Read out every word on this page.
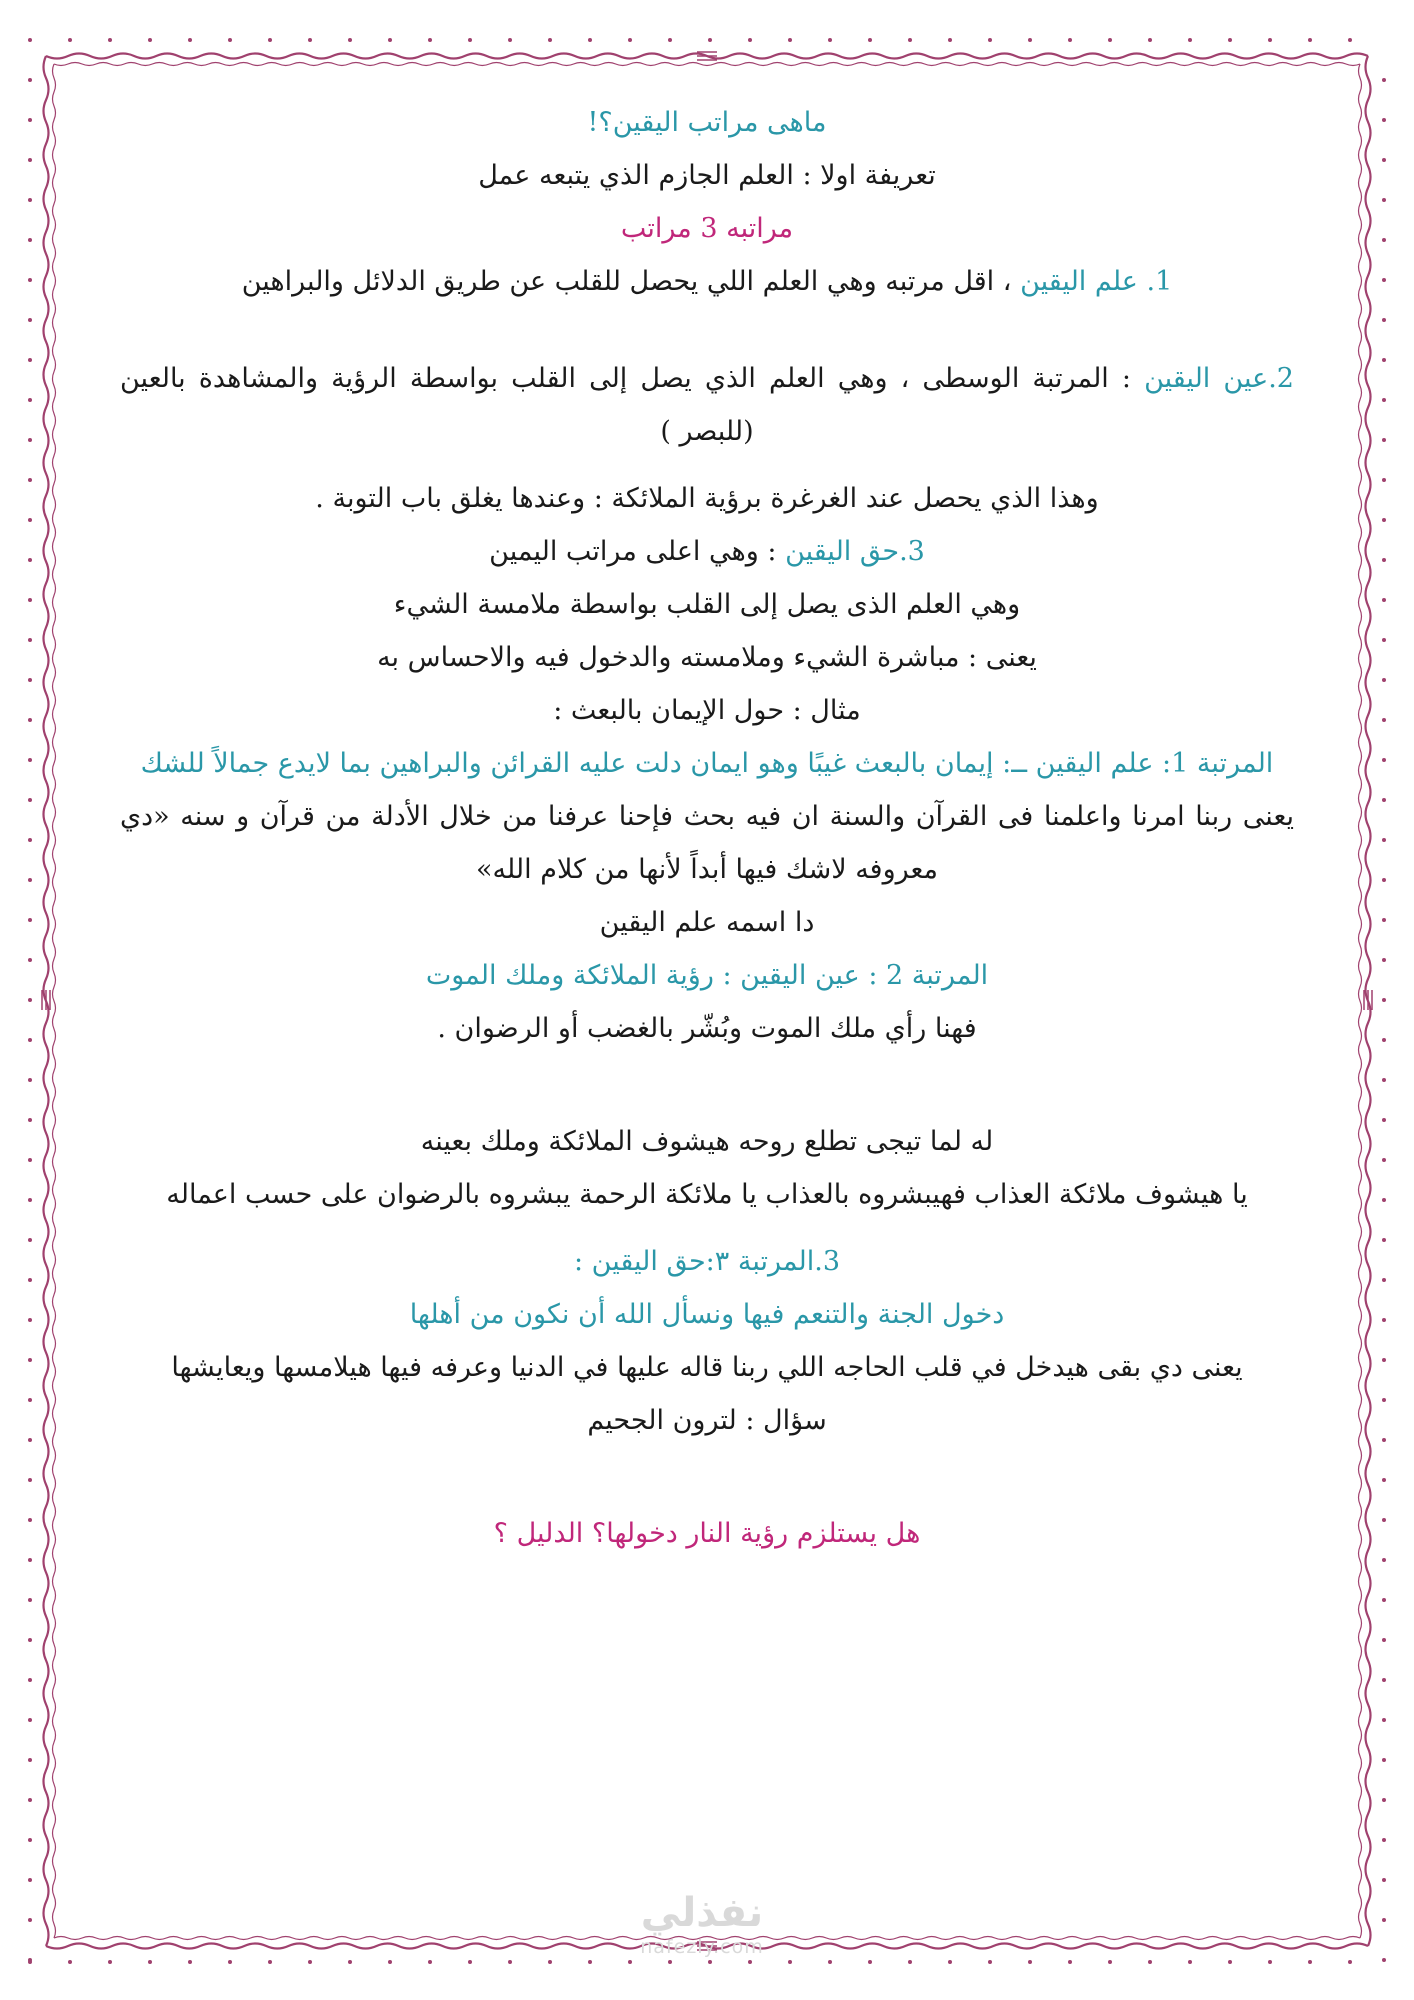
ماهى مراتب اليقين؟!

تعريفة اولا : العلم الجازم الذي يتبعه عمل

مراتبه 3 مراتب

1. علم اليقين ، اقل مرتبه وهي العلم اللي يحصل للقلب عن طريق الدلائل والبراهين

2.عين اليقين : المرتبة الوسطى ، وهي العلم الذي يصل إلى القلب بواسطة الرؤية والمشاهدة بالعين (للبصر )

وهذا الذي يحصل عند الغرغرة برؤية الملائكة : وعندها يغلق باب التوبة .

3.حق اليقين : وهي اعلى مراتب اليمين

وهي العلم الذى يصل إلى القلب بواسطة ملامسة الشيء

يعنى : مباشرة الشيء وملامسته والدخول فيه والاحساس به

مثال : حول الإيمان بالبعث :

المرتبة 1: علم اليقين ــ: إيمان بالبعث غيبًا وهو ايمان دلت عليه القرائن والبراهين بما لايدع جمالاً للشك

يعنى ربنا امرنا واعلمنا فى القرآن والسنة ان فيه بحث فإحنا عرفنا من خلال الأدلة من قرآن و سنه «دي معروفه لاشك فيها أبداً لأنها من كلام الله»

دا اسمه علم اليقين

المرتبة 2 : عين اليقين : رؤية الملائكة وملك الموت

فهنا رأي ملك الموت وبُشّر بالغضب أو الرضوان .

له لما تيجى تطلع روحه هيشوف الملائكة وملك بعينه

يا هيشوف ملائكة العذاب فهيبشروه بالعذاب يا ملائكة الرحمة يبشروه بالرضوان على حسب اعماله

3.المرتبة ٣:حق اليقين :

دخول الجنة والتنعم فيها ونسأل الله أن نكون من أهلها

يعنى دي بقى هيدخل في قلب الحاجه اللي ربنا قاله عليها في الدنيا وعرفه فيها هيلامسها ويعايشها

سؤال : لترون الجحيم

هل يستلزم رؤية النار دخولها؟ الدليل ؟

نفذلي
nafezly.com
